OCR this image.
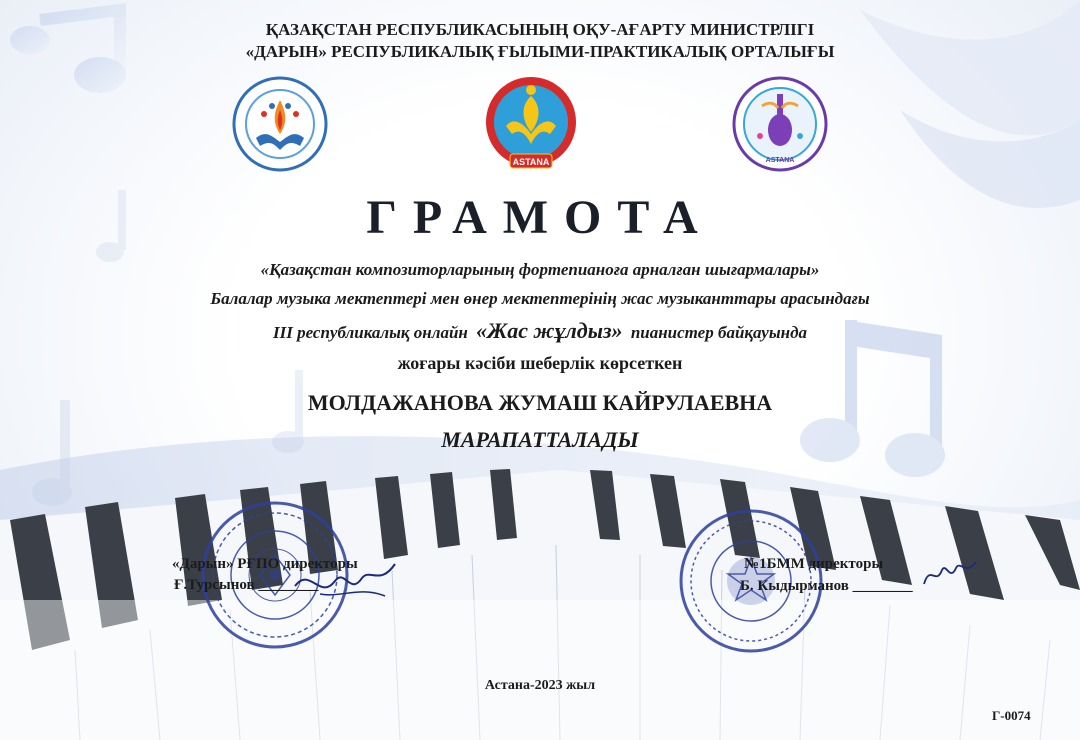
ҚАЗАҚСТАН РЕСПУБЛИКАСЫНЫҢ ОҚУ-АҒАРТУ МИНИСТРЛІГІ
«ДАРЫН» РЕСПУБЛИКАЛЫҚ ҒЫЛЫМИ-ПРАКТИКАЛЫҚ ОРТАЛЫҒЫ
ASTANA	ASTANA
ГРАМОТА
«Қазақстан композиторларының фортепианоға арналған шығармалары»
Балалар музыка мектептері мен өнер мектептерінің жас музыканттары арасындағы
ІІІ республикалық онлайн «Жас жұлдыз» пианистер байқауында
жоғары кәсіби шеберлік көрсеткен
МОЛДАЖАНОВА ЖУМАШ КАЙРУЛАЕВНА
МАРАПАТТАЛАДЫ
«Дарын» РҒПО директоры
Ғ.Турсынов ________
№1БММ директоры
Б. Кыдырманов ________
Астана-2023 жыл
Г-0074
